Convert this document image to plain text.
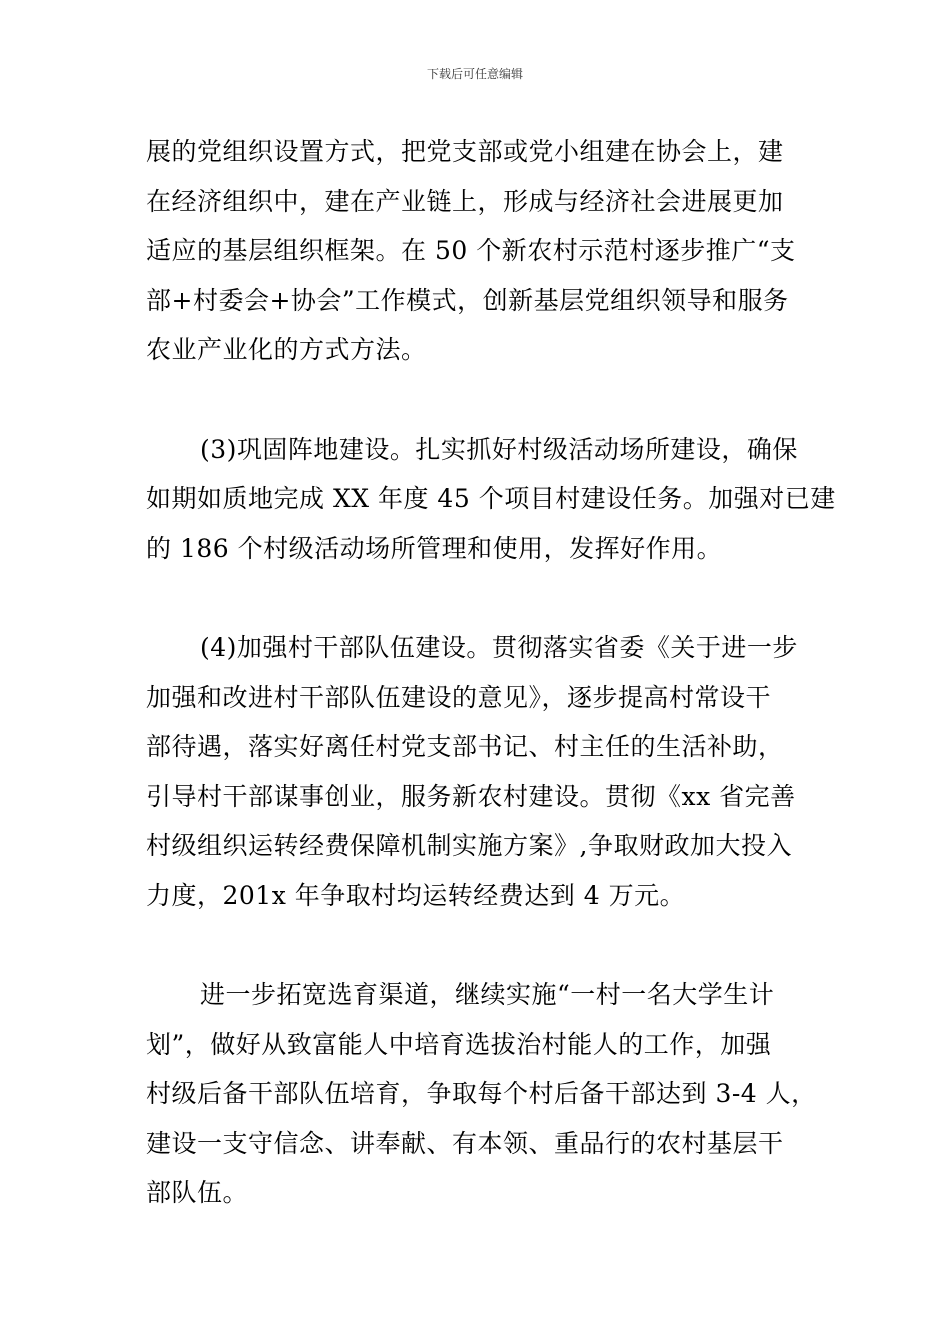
下载后可任意编辑
展的党组织设置方式，把党支部或党小组建在协会上，建
在经济组织中，建在产业链上，形成与经济社会进展更加
适应的基层组织框架。在 50 个新农村示范村逐步推广“支
部+村委会+协会”工作模式，创新基层党组织领导和服务
农业产业化的方式方法。
(3)巩固阵地建设。扎实抓好村级活动场所建设，确保
如期如质地完成 XX 年度 45 个项目村建设任务。加强对已建
的 186 个村级活动场所管理和使用，发挥好作用。
(4)加强村干部队伍建设。贯彻落实省委《关于进一步
加强和改进村干部队伍建设的意见》，逐步提高村常设干
部待遇，落实好离任村党支部书记、村主任的生活补助，
引导村干部谋事创业，服务新农村建设。贯彻《xx 省完善
村级组织运转经费保障机制实施方案》,争取财政加大投入
力度，201x 年争取村均运转经费达到 4 万元。
进一步拓宽选育渠道，继续实施“一村一名大学生计
划”，做好从致富能人中培育选拔治村能人的工作，加强
村级后备干部队伍培育，争取每个村后备干部达到 3-4 人，
建设一支守信念、讲奉献、有本领、重品行的农村基层干
部队伍。
